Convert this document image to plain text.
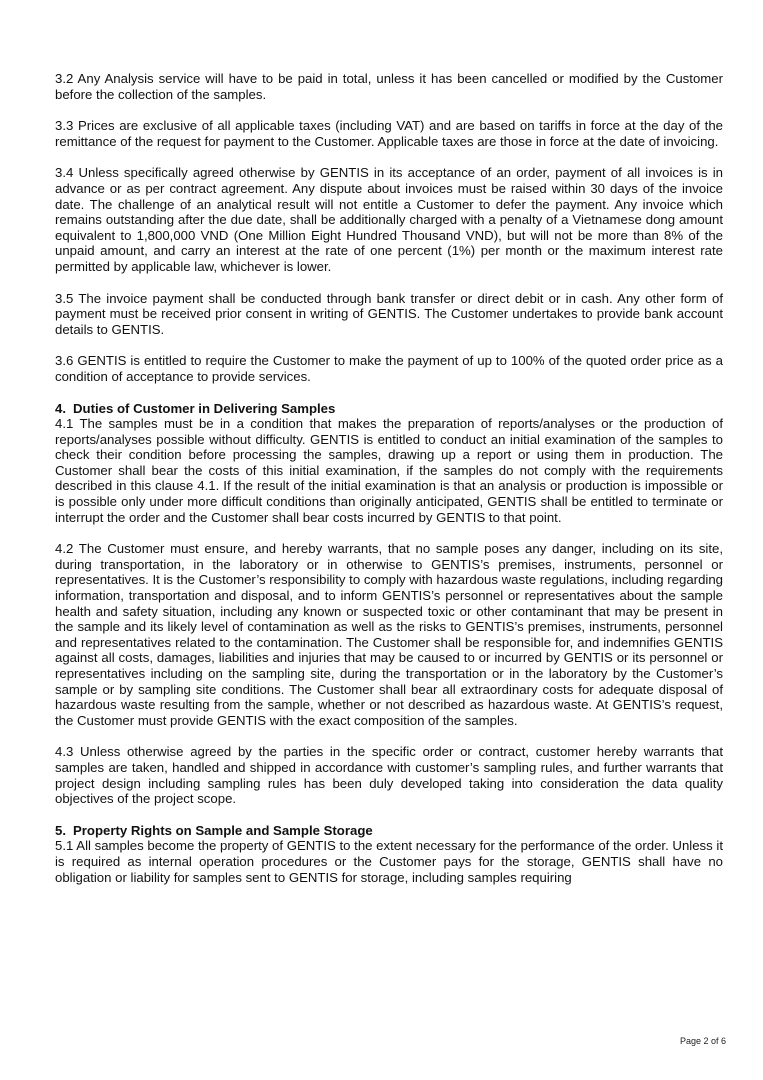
3.2 Any Analysis service will have to be paid in total, unless it has been cancelled or modified by the Customer before the collection of the samples.

3.3 Prices are exclusive of all applicable taxes (including VAT) and are based on tariffs in force at the day of the remittance of the request for payment to the Customer. Applicable taxes are those in force at the date of invoicing.

3.4 Unless specifically agreed otherwise by GENTIS in its acceptance of an order, payment of all invoices is in advance or as per contract agreement. Any dispute about invoices must be raised within 30 days of the invoice date. The challenge of an analytical result will not entitle a Customer to defer the payment. Any invoice which remains outstanding after the due date, shall be additionally charged with a penalty of a Vietnamese dong amount equivalent to 1,800,000 VND (One Million Eight Hundred Thousand VND), but will not be more than 8% of the unpaid amount, and carry an interest at the rate of one percent (1%) per month or the maximum interest rate permitted by applicable law, whichever is lower.

3.5 The invoice payment shall be conducted through bank transfer or direct debit or in cash. Any other form of payment must be received prior consent in writing of GENTIS. The Customer undertakes to provide bank account details to GENTIS.

3.6 GENTIS is entitled to require the Customer to make the payment of up to 100% of the quoted order price as a condition of acceptance to provide services.

4. Duties of Customer in Delivering Samples

4.1 The samples must be in a condition that makes the preparation of reports/analyses or the production of reports/analyses possible without difficulty. GENTIS is entitled to conduct an initial examination of the samples to check their condition before processing the samples, drawing up a report or using them in production. The Customer shall bear the costs of this initial examination, if the samples do not comply with the requirements described in this clause 4.1. If the result of the initial examination is that an analysis or production is impossible or is possible only under more difficult conditions than originally anticipated, GENTIS shall be entitled to terminate or interrupt the order and the Customer shall bear costs incurred by GENTIS to that point.

4.2 The Customer must ensure, and hereby warrants, that no sample poses any danger, including on its site, during transportation, in the laboratory or in otherwise to GENTIS’s premises, instruments, personnel or representatives. It is the Customer’s responsibility to comply with hazardous waste regulations, including regarding information, transportation and disposal, and to inform GENTIS’s personnel or representatives about the sample health and safety situation, including any known or suspected toxic or other contaminant that may be present in the sample and its likely level of contamination as well as the risks to GENTIS’s premises, instruments, personnel and representatives related to the contamination. The Customer shall be responsible for, and indemnifies GENTIS against all costs, damages, liabilities and injuries that may be caused to or incurred by GENTIS or its personnel or representatives including on the sampling site, during the transportation or in the laboratory by the Customer’s sample or by sampling site conditions. The Customer shall bear all extraordinary costs for adequate disposal of hazardous waste resulting from the sample, whether or not described as hazardous waste. At GENTIS’s request, the Customer must provide GENTIS with the exact composition of the samples.

4.3 Unless otherwise agreed by the parties in the specific order or contract, customer hereby warrants that samples are taken, handled and shipped in accordance with customer’s sampling rules, and further warrants that project design including sampling rules has been duly developed taking into consideration the data quality objectives of the project scope.

5. Property Rights on Sample and Sample Storage

5.1 All samples become the property of GENTIS to the extent necessary for the performance of the order. Unless it is required as internal operation procedures or the Customer pays for the storage, GENTIS shall have no obligation or liability for samples sent to GENTIS for storage, including samples requiring

Page 2 of 6
